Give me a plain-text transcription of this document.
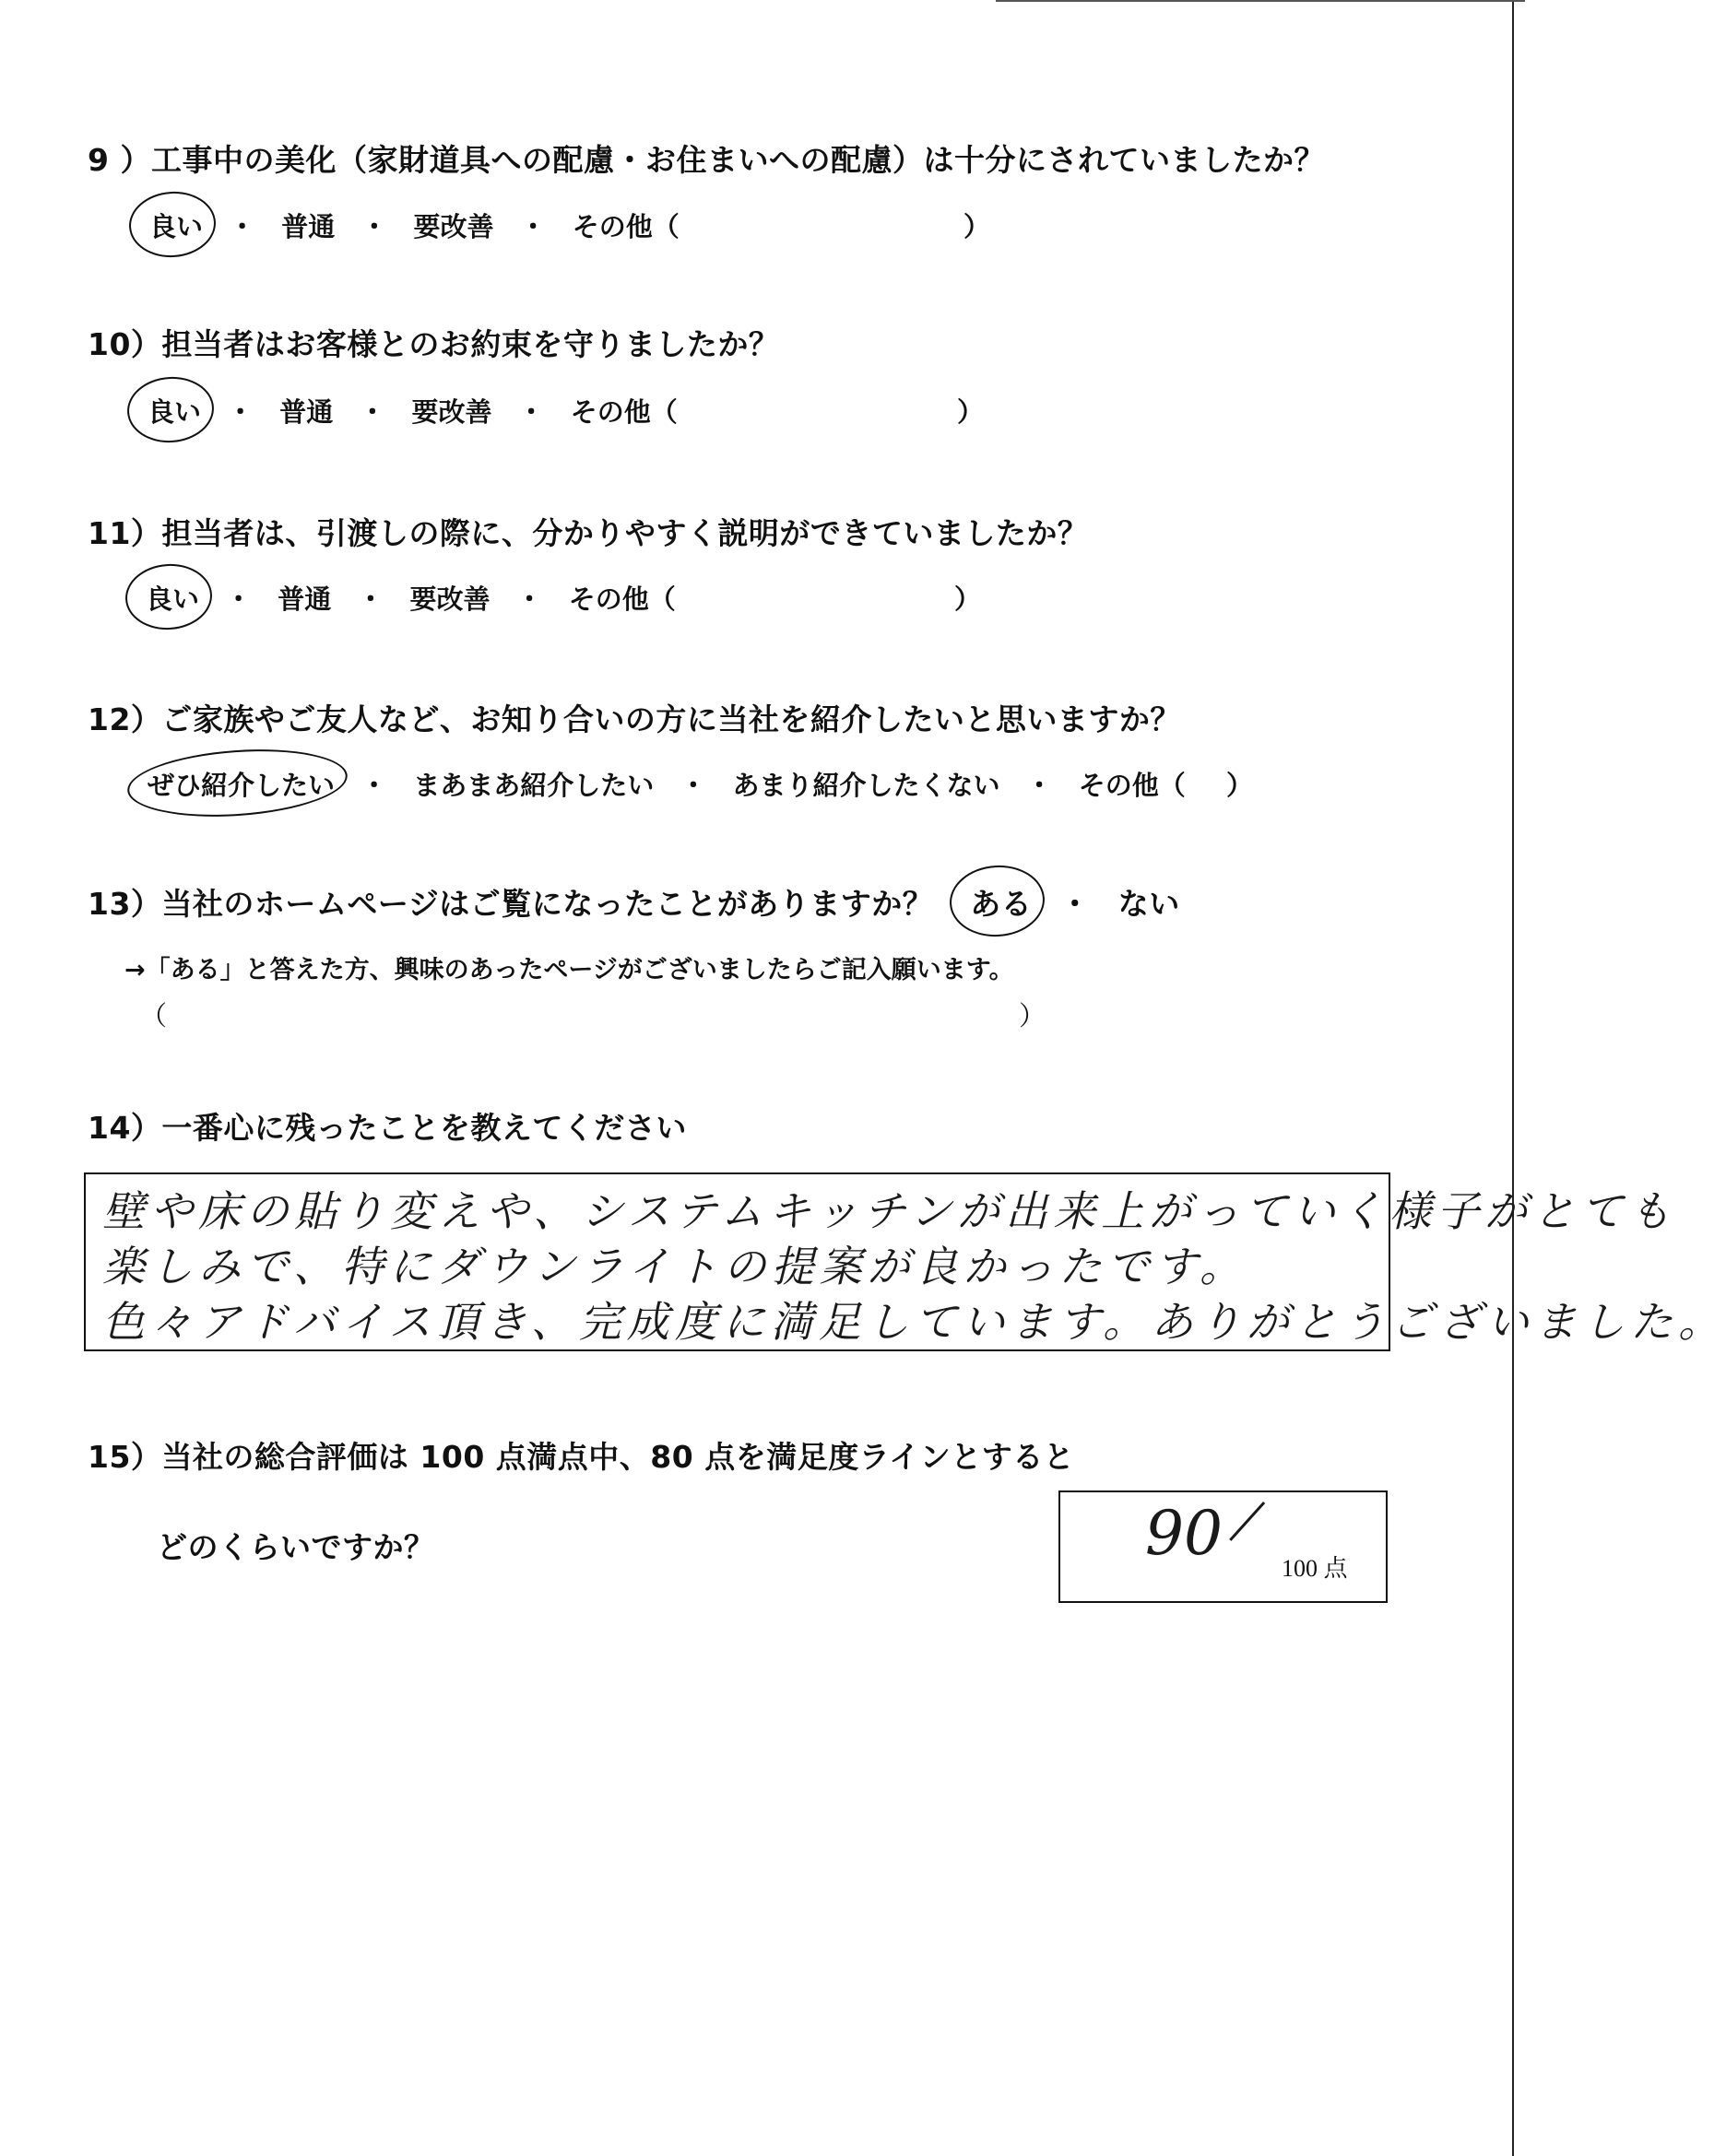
9 ）工事中の美化（家財道具への配慮・お住まいへの配慮）は十分にされていましたか？
良い ・ 普通 ・ 要改善 ・ その他（	）
10）担当者はお客様とのお約束を守りましたか？
良い ・ 普通 ・ 要改善 ・ その他（	）
11）担当者は、引渡しの際に、分かりやすく説明ができていましたか？
良い ・ 普通 ・ 要改善 ・ その他（	）
12）ご家族やご友人など、お知り合いの方に当社を紹介したいと思いますか？
ぜひ紹介したい ・ まあまあ紹介したい ・ あまり紹介したくない ・ その他（	）
13）当社のホームページはご覧になったことがありますか？ ある ・ ない
→「ある」と答えた方、興味のあったページがございましたらご記入願います。
（	）
14）一番心に残ったことを教えてください
壁や床の貼り変えや、システムキッチンが出来上がっていく様子がとても
楽しみで、特にダウンライトの提案が良かったです。
色々アドバイス頂き、完成度に満足しています。ありがとうございました。
15）当社の総合評価は 100 点満点中、80 点を満足度ラインとすると
どのくらいですか？	90 100 点
